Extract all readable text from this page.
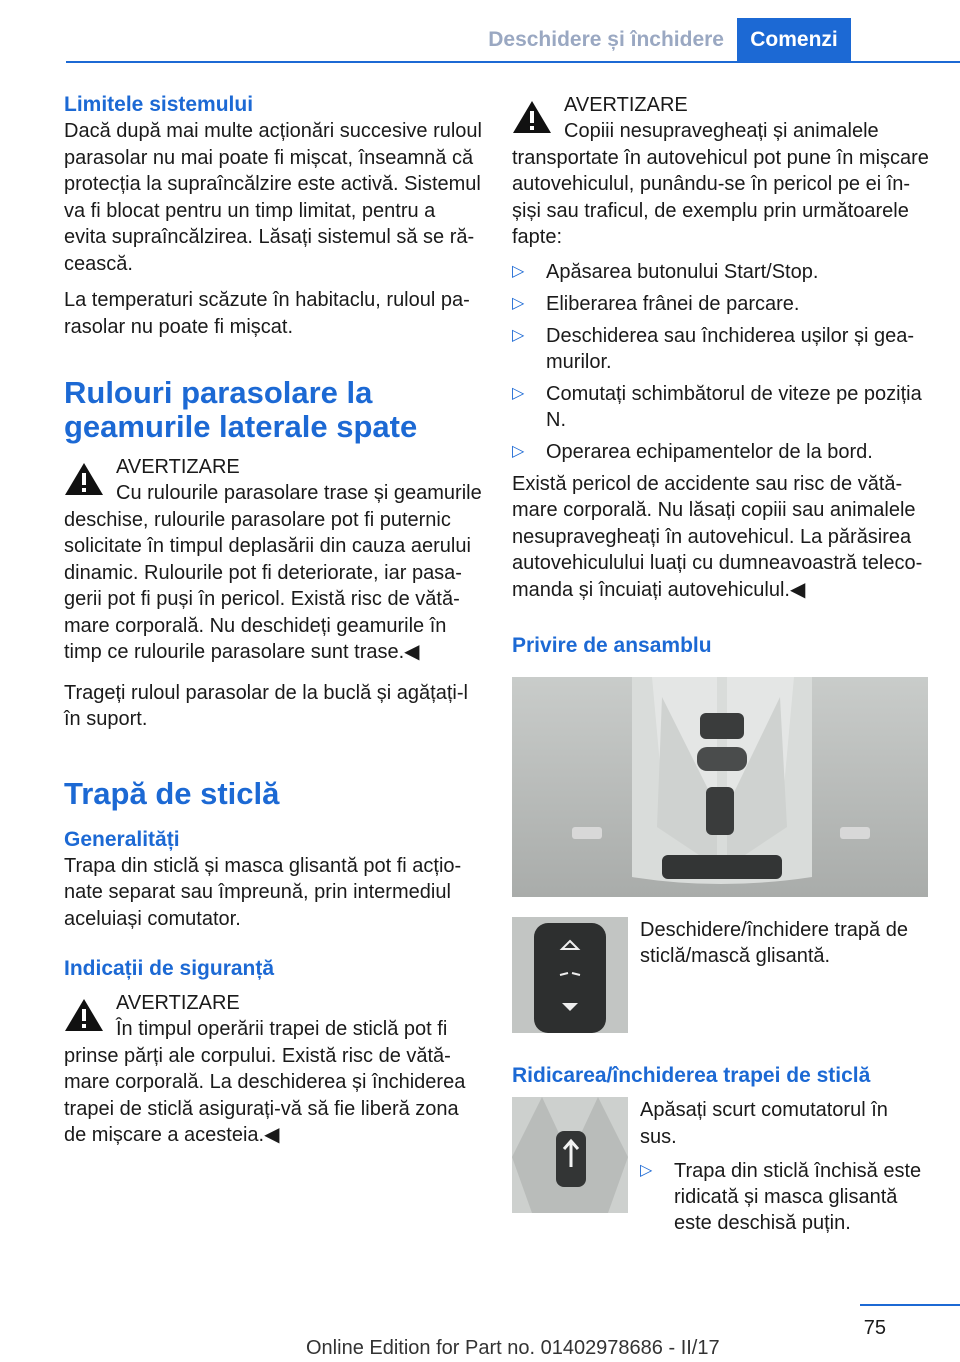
Deschidere și închidere	Comenzi
Limitele sistemului

Dacă după mai multe acționări succesive ruloul parasolar nu mai poate fi mișcat, înseamnă că protecția la supraîncălzire este activă. Sistemul va fi blocat pentru un timp limitat, pentru a evita supraîncălzirea. Lăsați sistemul să se ră‐ cească.

La temperaturi scăzute în habitaclu, ruloul pa‐ rasolar nu poate fi mișcat.

Rulouri parasolare la geamurile laterale spate
AVERTIZARE

Cu rulourile parasolare trase și geamurile deschise, rulourile parasolare pot fi puternic solicitate în timpul deplasării din cauza aerului dinamic. Rulourile pot fi deteriorate, iar pasa‐ gerii pot fi puși în pericol. Există risc de vătă‐ mare corporală. Nu deschideți geamurile în timp ce rulourile parasolare sunt trase.◀

Trageți ruloul parasolar de la buclă și agățați-l în suport.

Trapă de sticlă
Generalități

Trapa din sticlă și masca glisantă pot fi acțio‐ nate separat sau împreună, prin intermediul aceluiași comutator.

Indicații de siguranță
AVERTIZARE

În timpul operării trapei de sticlă pot fi prinse părți ale corpului. Există risc de vătă‐ mare corporală. La deschiderea și închiderea trapei de sticlă asigurați-vă să fie liberă zona de mișcare a acesteia.◀

AVERTIZARE

Copiii nesupravegheați și animalele transportate în autovehicul pot pune în mișcare autovehiculul, punându-se în pericol pe ei în‐ șiși sau traficul, de exemplu prin următoarele fapte:

▷ Apăsarea butonului Start/Stop.
▷ Eliberarea frânei de parcare.
▷ Deschiderea sau închiderea ușilor și gea‐ murilor.
▷ Comutați schimbătorul de viteze pe poziția N.
▷ Operarea echipamentelor de la bord.

Există pericol de accidente sau risc de vătă‐ mare corporală. Nu lăsați copiii sau animalele nesupravegheați în autovehicul. La părăsirea autovehiculului luați cu dumneavoastră teleco‐ manda și încuiați autovehiculul.◀

Privire de ansamblu
Deschidere/închidere trapă de sticlă/mască glisantă.
Ridicarea/închiderea trapei de sticlă

Apăsați scurt comutatorul în sus.

▷ Trapa din sticlă închisă este ridicată și masca glisantă este deschisă puțin.
75
Online Edition for Part no. 01402978686 - II/17
